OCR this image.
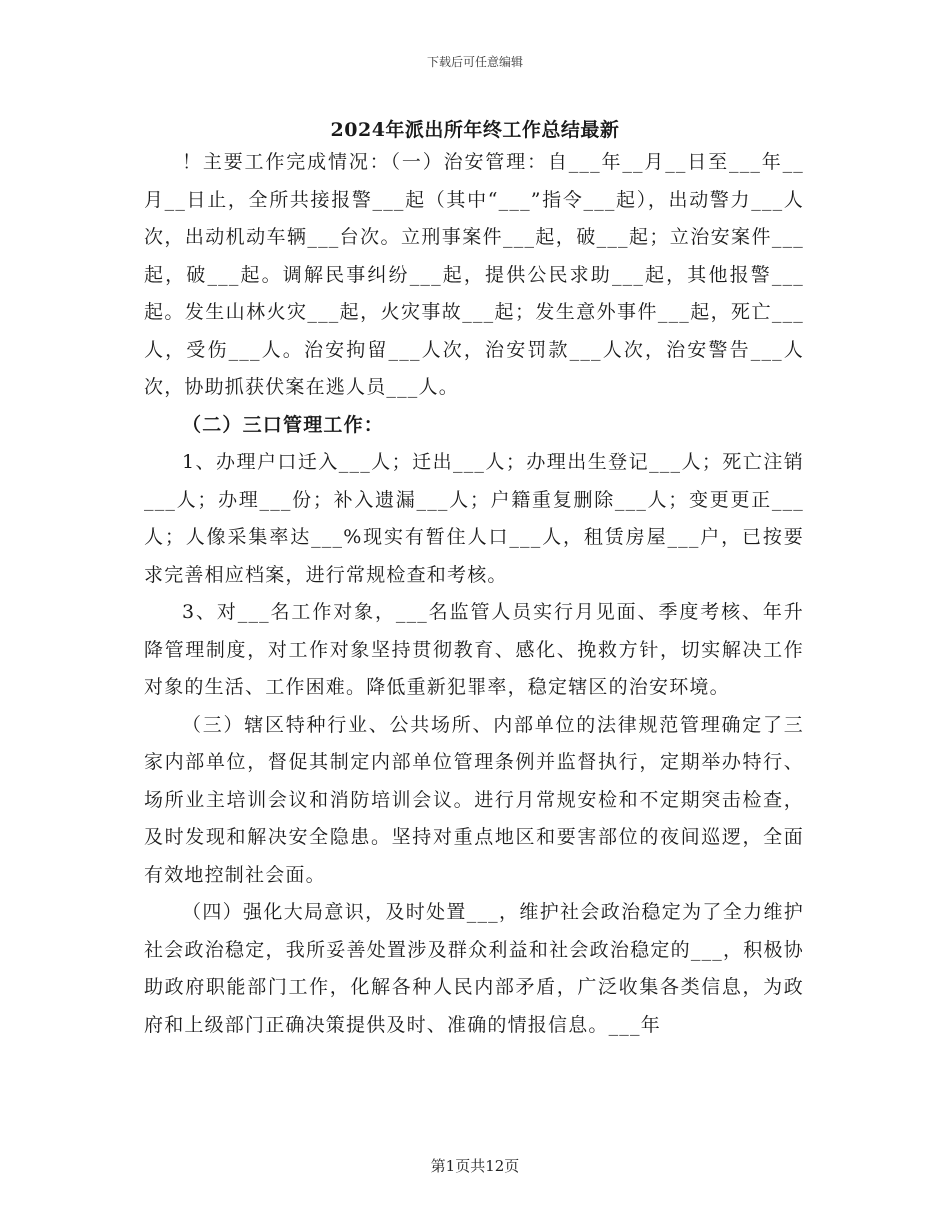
下载后可任意编辑
2024年派出所年终工作总结最新

！主要工作完成情况：（一）治安管理：自___年__月__日至___年__月__日止，全所共接报警___起（其中“___”指令___起），出动警力___人次，出动机动车辆___台次。立刑事案件___起，破___起；立治安案件___起，破___起。调解民事纠纷___起，提供公民求助___起，其他报警___起。发生山林火灾___起，火灾事故___起；发生意外事件___起，死亡___人，受伤___人。治安拘留___人次，治安罚款___人次，治安警告___人次，协助抓获伏案在逃人员___人。

（二）三口管理工作：

1、办理户口迁入___人；迁出___人；办理出生登记___人；死亡注销___人；办理___份；补入遗漏___人；户籍重复删除___人；变更更正___人；人像采集率达___%现实有暂住人口___人，租赁房屋___户，已按要求完善相应档案，进行常规检查和考核。

3、对___名工作对象，___名监管人员实行月见面、季度考核、年升降管理制度，对工作对象坚持贯彻教育、感化、挽救方针，切实解决工作对象的生活、工作困难。降低重新犯罪率，稳定辖区的治安环境。

（三）辖区特种行业、公共场所、内部单位的法律规范管理确定了三家内部单位，督促其制定内部单位管理条例并监督执行，定期举办特行、场所业主培训会议和消防培训会议。进行月常规安检和不定期突击检查，及时发现和解决安全隐患。坚持对重点地区和要害部位的夜间巡逻，全面有效地控制社会面。

（四）强化大局意识，及时处置___，维护社会政治稳定为了全力维护社会政治稳定，我所妥善处置涉及群众利益和社会政治稳定的___，积极协助政府职能部门工作，化解各种人民内部矛盾，广泛收集各类信息，为政府和上级部门正确决策提供及时、准确的情报信息。___年

第1页共12页
